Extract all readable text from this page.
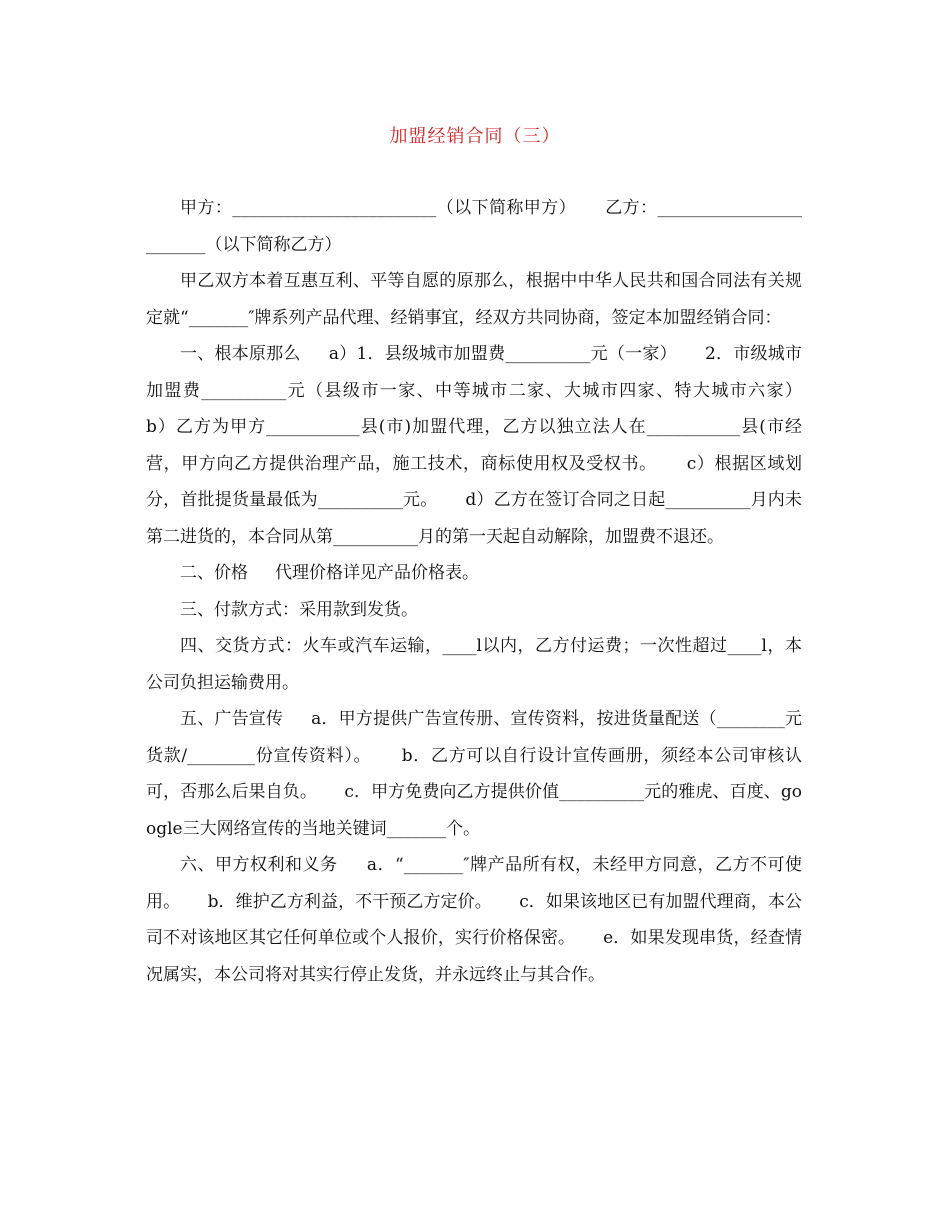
加盟经销合同（三）

甲方：________________________（以下简称甲方）     乙方：________________________（以下简称乙方）

甲乙双方本着互惠互利、平等自愿的原那么，根据中中华人民共和国合同法有关规定就“_______″牌系列产品代理、经销事宜，经双方共同协商，签定本加盟经销合同：

一、根本原那么     a）1．县级城市加盟费__________元（一家）     2．市级城市加盟费__________元（县级市一家、中等城市二家、大城市四家、特大城市六家）     b）乙方为甲方___________县(市)加盟代理，乙方以独立法人在___________县(市经营，甲方向乙方提供治理产品，施工技术，商标使用权及受权书。     c）根据区域划分，首批提货量最低为__________元。     d）乙方在签订合同之日起__________月内未第二进货的，本合同从第__________月的第一天起自动解除，加盟费不退还。

二、价格     代理价格详见产品价格表。

三、付款方式：采用款到发货。

四、交货方式：火车或汽车运输，____l以内，乙方付运费；一次性超过____l，本公司负担运输费用。

五、广告宣传     a．甲方提供广告宣传册、宣传资料，按进货量配送（________元货款/________份宣传资料）。     b．乙方可以自行设计宣传画册，须经本公司审核认可，否那么后果自负。     c．甲方免费向乙方提供价值__________元的雅虎、百度、google三大网络宣传的当地关键词_______个。

六、甲方权利和义务     a．“_______″牌产品所有权，未经甲方同意，乙方不可使用。     b．维护乙方利益，不干预乙方定价。     c．如果该地区已有加盟代理商，本公司不对该地区其它任何单位或个人报价，实行价格保密。     e．如果发现串货，经查情况属实，本公司将对其实行停止发货，并永远终止与其合作。
